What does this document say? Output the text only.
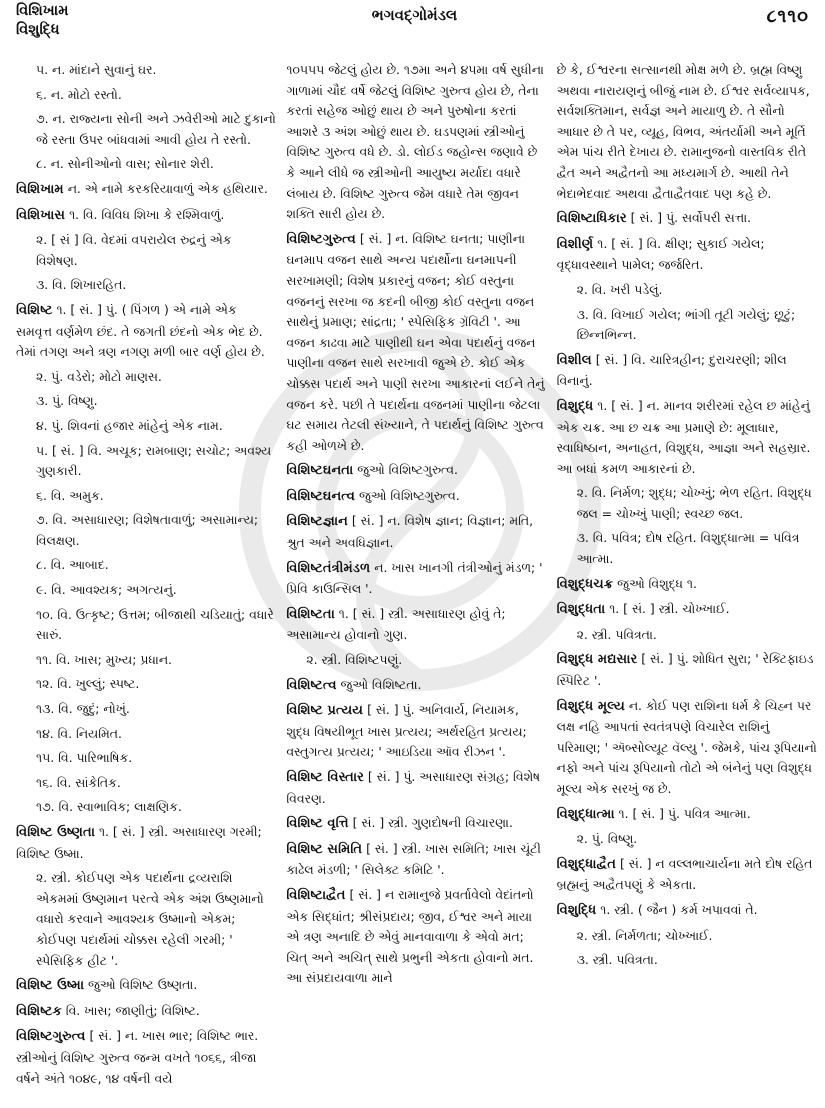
વિશિખામ
વિશુદ્ધિ
ભગવદ્‍ગોમંડલ	૮૧૧૦

૫. ન. માંદાને સુવાનું ઘર.

૬. ન. મોટો રસ્તો.

૭. ન. રાજ્યના સોની અને ઝવેરીઓ માટે દુકાનો જે રસ્તા ઉપર બાંધવામાં આવી હોય તે રસ્તો.

૮. ન. સોનીઓનો વાસ; સોનાર શેરી.

વિશિખામ ન. એ નામે કરકરિયાવાળું એક હથિયાર.

વિશિખાસ ૧. વિ. વિવિધ શિખા કે રશ્મિવાળું.

૨. [ સં ] વિ. વેદમાં વપરાયેલ રુદ્રનું એક વિશેષણ.

૩. વિ. શિખારહિત.

વિશિષ્ટ ૧. [ સં. ] પું. ( પિંગળ ) એ નામે એક સમવૃત્ત વર્ણમેળ છંદ. તે જગતી છંદનો એક ભેદ છે. તેમાં તગણ અને ત્રણ નગણ મળી બાર વર્ણ હોય છે.

૨. પું. વડેરો; મોટો માણસ.

૩. પું. વિષ્ણુ.

૪. પું. શિવનાં હજાર માંહેનું એક નામ.

૫. [ સં. ] વિ. અચૂક; રામબાણ; સચોટ; અવશ્ય ગુણકારી.

૬. વિ. અમુક.

૭. વિ. અસાધારણ; વિશેષતાવાળું; અસામાન્ય; વિલક્ષણ.

૮. વિ. આબાદ.

૯. વિ. આવશ્યક; અગત્યનું.

૧૦. વિ. ઉત્કૃષ્ટ; ઉત્તમ; બીજાથી ચડિયાતું; વધારે સારું.

૧૧. વિ. ખાસ; મુખ્ય; પ્રધાન.

૧૨. વિ. ખુલ્લું; સ્પષ્ટ.

૧૩. વિ. જુદું; નોખું.

૧૪. વિ. નિયમિત.

૧૫. વિ. પારિભાષિક.

૧૬. વિ. સાંકેતિક.

૧૭. વિ. સ્વાભાવિક; લાક્ષણિક.

વિશિષ્ટ ઉષ્ણતા ૧. [ સં. ] સ્ત્રી. અસાધારણ ગરમી; વિશિષ્ટ ઉષ્મા.

૨. સ્ત્રી. કોઈપણ એક પદાર્થના દ્રવ્યરાશિ એકમમાં ઉષ્ણમાન પરત્વે એક અંશ ઉષ્ણમાનો વધારો કરવાને આવશ્યક ઉષ્માનો એકમ; કોઈપણ પદાર્થમાં ચોક્કસ રહેલી ગરમી; ' સ્પેસિફિક હીટ '.

વિશિષ્ટ ઉષ્મા જુઓ વિશિષ્ટ ઉષ્ણતા.

વિશિષ્ટક વિ. ખાસ; જાણીતું; વિશિષ્ટ.

વિશિષ્ટગુરુત્વ [ સં. ] ન. ખાસ ભાર; વિશિષ્ટ ભાર. સ્ત્રીઓનું વિશિષ્ટ ગુરુત્વ જન્મ વખતે ૧૦૬૬, ત્રીજા વર્ષને અંતે ૧૦૪૯, ૧૪ વર્ષની વયે

૧૦૫૫૫ જેટલું હોય છે. ૧૭મા અને ૪૫મા વર્ષ સુધીના ગાળામાં ચૌદ વર્ષે જેટલું વિશિષ્ટ ગુરુત્વ હોય છે, તેના કરતાં સહેજ ઓછું થાય છે અને પુરુષોના કરતાં આશરે ૩ અંશ ઓછું થાય છે. ઘડપણમાં સ્ત્રીઓનું વિશિષ્ટ ગુરુત્વ વધે છે. ડો. લોઈડ જહોન્સ જણાવે છે કે આને લીધે જ સ્ત્રીઓની આયુષ્ય મર્યાદા વધારે લંબાય છે. વિશિષ્ટ ગુરુત્વ જેમ વધારે તેમ જીવન શક્તિ સારી હોય છે.

વિશિષ્ટગુરુત્વ [ સં. ] ન. વિશિષ્ટ ઘનતા; પાણીના ઘનમાપ વજન સાથે અન્ય પદાર્થોના ઘનમાપની સરખામણી; વિશેષ પ્રકારનું વજન; કોઈ વસ્તુના વજનનું સરખા જ કદની બીજી કોઈ વસ્તુના વજન સાથેનું પ્રમાણ; સાંદ્રતા; ' સ્પેસિફિક ગ્રૅવિટી '. આ વજન કાઢવા માટે પાણીથી ઘન એવા પદાર્થનું વજન પાણીના વજન સાથે સરખાવી જુએ છે. કોઈ એક ચોક્કસ પદાર્થ અને પાણી સરખા આકારનાં લઈને તેનું વજન કરે. પછી તે પદાર્થના વજનમાં પાણીના જેટલા ઘટ સમાય તેટલી સંખ્યાને, તે પદાર્થનું વિશિષ્ટ ગુરુત્વ કહી ઓળખે છે.

વિશિષ્ટઘનતા જુઓ વિશિષ્ટગુરુત્વ.

વિશિષ્ટઘનત્વ જુઓ વિશિષ્ટગુરુત્વ.

વિશિષ્ટજ્ઞાન [ સં. ] ન. વિશેષ જ્ઞાન; વિજ્ઞાન; મતિ, શ્રુત અને અવધિજ્ઞાન.

વિશિષ્ટતંત્રીમંડળ ન. ખાસ ખાનગી તંત્રીઓનું મંડળ; ' પ્રિવિ કાઉન્સિલ '.

વિશિષ્ટતા ૧. [ સં. ] સ્ત્રી. અસાધારણ હોવું તે; અસામાન્ય હોવાનો ગુણ.

૨. સ્ત્રી. વિશિષ્ટપણું.

વિશિષ્ટત્વ જુઓ વિશિષ્ટતા.

વિશિષ્ટ પ્રત્યય [ સં. ] પું. અનિવાર્ય, નિયામક, શુદ્ધ વિષયીભૂત ખાસ પ્રત્યય; અર્થરહિત પ્રત્યય; વસ્તુગત્ય પ્રત્યય; ' આઇડિયા ઑવ રીઝન '.

વિશિષ્ટ વિસ્તાર [ સં. ] પું. અસાધારણ સંગ્રહ; વિશેષ વિવરણ.

વિશિષ્ટ વૃત્તિ [ સં. ] સ્ત્રી. ગુણદોષની વિચારણા.

વિશિષ્ટ સમિતિ [ સં. ] સ્ત્રી. ખાસ સમિતિ; ખાસ ચૂંટી કાઢેલ મંડળી; ' સિલેક્ટ કમિટિ '.

વિશિષ્ટાદ્વૈત [ સં. ] ન રામાનુજે પ્રવર્તાવેલો વેદાંતનો એક સિદ્ધાંત; શ્રીસંપ્રદાય; જીવ, ઈશ્વર અને માયા એ ત્રણ અનાદિ છે એવું માનવાવાળા કે એવો મત; ચિત્ અને અચિત્ સાથે પ્રભુની એકતા હોવાનો મત. આ સંપ્રદાયવાળા માને

છે કે, ઈશ્વરના સત્સાનથી મોક્ષ મળે છે. બ્રહ્મ વિષ્ણુ અથવા નારાયણનું બીજું નામ છે. ઈશ્વર સર્વવ્યાપક, સર્વશક્તિમાન, સર્વજ્ઞ અને માયાળુ છે. તે સૌનો આધાર છે તે પર, વ્યૂહ, વિભવ, અંતર્યામી અને મૂર્તિ એમ પાંચ રીતે દેખાય છે. રામાનુજનો વાસ્તવિક રીતે દ્વૈત અને અદ્વૈતનો આ મધ્યમાર્ગ છે. આથી તેને ભેદાભેદવાદ અથવા દ્વૈતાદ્વૈતવાદ પણ કહે છે.

વિશિષ્ટાધિકાર [ સં. ] પું. સર્વોપરી સત્તા.

વિશીર્ણ ૧. [ સં. ] વિ. ક્ષીણ; સુકાઈ ગયેલ; વૃદ્ધાવસ્થાને પામેલ; જર્જરિત.

૨. વિ. ખરી પડેલું.

૩. વિ. વિખાઈ ગયેલ; ભાંગી તૂટી ગયેલું; છૂટું; છિન્નભિન્ન.

વિશીલ [ સં. ] વિ. ચારિત્રહીન; દુરાચરણી; શીલ વિનાનું.

વિશુદ્ધ ૧. [ સં. ] ન. માનવ શરીરમાં રહેલ છ માંહેનું એક ચક્ર. આ છ ચક્ર આ પ્રમાણે છે: મૂલાધાર, સ્વાધિષ્ઠાન, અનાહત, વિશુદ્ધ, આજ્ઞા અને સહસ્રાર. આ બધાં કમળ આકારનાં છે.

૨. વિ. નિર્મળ; શુદ્ધ; ચોખ્ખું; ભેળ રહિત. વિશુદ્ધ જલ = ચોખ્ખું પાણી; સ્વચ્છ જલ.

૩. વિ. પવિત્ર; દોષ રહિત. વિશુદ્ધાત્મા = પવિત્ર આત્મા.

વિશુદ્ધચક્ર જુઓ વિશુદ્ધ ૧.

વિશુદ્ધતા ૧. [ સં. ] સ્ત્રી. ચોખ્ખાઈ.

૨. સ્ત્રી. પવિત્રતા.

વિશુદ્ધ મદ્યસાર [ સં. ] પું. શોધિત સુરા; ' રેક્ટિફાઇડ સ્પિરિટ '.

વિશુદ્ધ મૂલ્ય ન. કોઈ પણ રાશિના ધર્મ કે ચિહ્ન પર લક્ષ નહિ આપતાં સ્વતંત્રપણે વિચારેલ રાશિનું પરિમાણ; ' ઍબ્સોલ્યૂટ વૅલ્યુ '. જેમકે, પાંચ રૂપિયાનો નફો અને પાંચ રૂપિયાનો તોટો એ બંનેનું પણ વિશુદ્ધ મૂલ્ય એક સરખું જ છે.

વિશુદ્ધાત્મા ૧. [ સં. ] પું. પવિત્ર આત્મા.

૨. પું. વિષ્ણુ.

વિશુદ્ધાદ્વૈત [ સં. ] ન વલ્લભાચાર્યના મતે દોષ રહિત બ્રહ્મનું અદ્વૈતપણું કે એકતા.

વિશુદ્ધિ ૧. સ્ત્રી. ( જૈન ) કર્મ ખપાવવાં તે.

૨. સ્ત્રી. નિર્મળતા; ચોખ્ખાઈ.

૩. સ્ત્રી. પવિત્રતા.
